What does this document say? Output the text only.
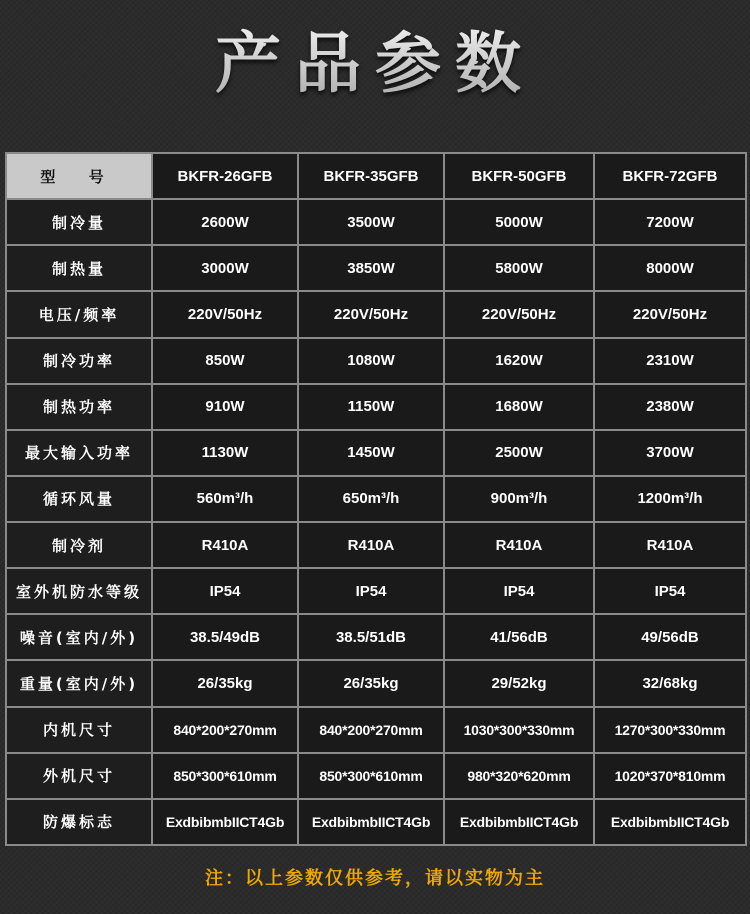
产品参数
型 号	BKFR-26GFB	BKFR-35GFB	BKFR-50GFB	BKFR-72GFB
制冷量	2600W	3500W	5000W	7200W
制热量	3000W	3850W	5800W	8000W
电压/频率	220V/50Hz	220V/50Hz	220V/50Hz	220V/50Hz
制冷功率	850W	1080W	1620W	2310W
制热功率	910W	1150W	1680W	2380W
最大输入功率	1130W	1450W	2500W	3700W
循环风量	560m³/h	650m³/h	900m³/h	1200m³/h
制冷剂	R410A	R410A	R410A	R410A
室外机防水等级	IP54	IP54	IP54	IP54
噪音(室内/外)	38.5/49dB	38.5/51dB	41/56dB	49/56dB
重量(室内/外)	26/35kg	26/35kg	29/52kg	32/68kg
内机尺寸	840*200*270mm	840*200*270mm	1030*300*330mm	1270*300*330mm
外机尺寸	850*300*610mm	850*300*610mm	980*320*620mm	1020*370*810mm
防爆标志	ExdbibmbIICT4Gb	ExdbibmbIICT4Gb	ExdbibmbIICT4Gb	ExdbibmbIICT4Gb
注：以上参数仅供参考，请以实物为主
